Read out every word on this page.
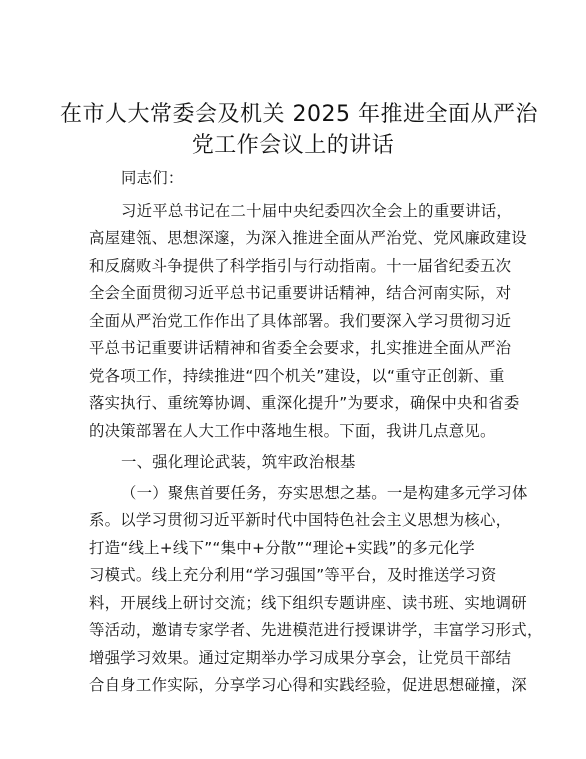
在市人大常委会及机关 2025 年推进全面从严治
党工作会议上的讲话
同志们：
习近平总书记在二十届中央纪委四次全会上的重要讲话，
高屋建瓴、思想深邃，为深入推进全面从严治党、党风廉政建设
和反腐败斗争提供了科学指引与行动指南。十一届省纪委五次
全会全面贯彻习近平总书记重要讲话精神，结合河南实际，对
全面从严治党工作作出了具体部署。我们要深入学习贯彻习近
平总书记重要讲话精神和省委全会要求，扎实推进全面从严治
党各项工作，持续推进“四个机关”建设，以“重守正创新、重
落实执行、重统筹协调、重深化提升”为要求，确保中央和省委
的决策部署在人大工作中落地生根。下面，我讲几点意见。
一、强化理论武装，筑牢政治根基
（一）聚焦首要任务，夯实思想之基。一是构建多元学习体
系。以学习贯彻习近平新时代中国特色社会主义思想为核心，
打造“线上+线下”“集中+分散”“理论+实践”的多元化学
习模式。线上充分利用“学习强国”等平台，及时推送学习资
料，开展线上研讨交流；线下组织专题讲座、读书班、实地调研
等活动，邀请专家学者、先进模范进行授课讲学，丰富学习形式，
增强学习效果。通过定期举办学习成果分享会，让党员干部结
合自身工作实际，分享学习心得和实践经验，促进思想碰撞，深
